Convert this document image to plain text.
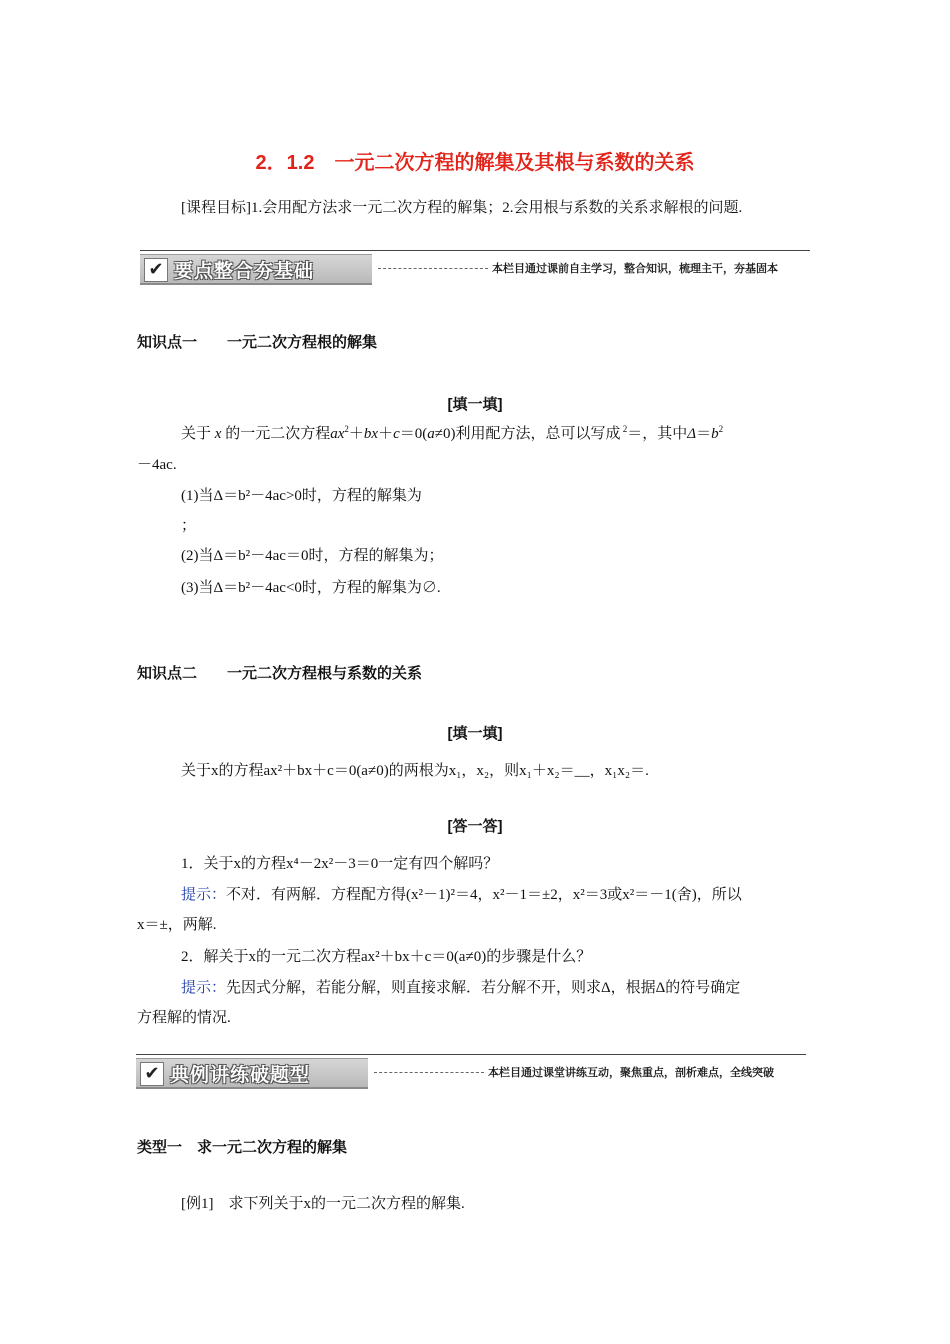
2．1.2　一元二次方程的解集及其根与系数的关系
[课程目标]1.会用配方法求一元二次方程的解集；2.会用根与系数的关系求解根的问题.
✔ 要点整合夯基础	本栏目通过课前自主学习，整合知识，梳理主干，夯基固本
知识点一　　一元二次方程根的解集
[填一填]
关于 x 的一元二次方程$ax^2+bx+c=0(a\ne 0)$利用配方法，总可以写成 $^2$＝，其中$\Delta=b^2$
－4ac.
(1)当Δ＝b²－4ac>0时，方程的解集为
；
(2)当Δ＝b²－4ac＝0时，方程的解集为；
(3)当Δ＝b²－4ac<0时，方程的解集为∅.
知识点二　　一元二次方程根与系数的关系
[填一填]
关于x的方程ax²＋bx＋c＝0(a≠0)的两根为x₁，x₂，则x₁＋x₂＝__，x₁x₂＝.
[答一答]
1．关于x的方程x⁴－2x²－3＝0一定有四个解吗？
提示：不对．有两解．方程配方得(x²－1)²＝4，x²－1＝±2，x²＝3或x²＝－1(舍)，所以
x＝±，两解.
2．解关于x的一元二次方程ax²＋bx＋c＝0(a≠0)的步骤是什么？
提示：先因式分解，若能分解，则直接求解．若分解不开，则求Δ，根据Δ的符号确定
方程解的情况.
✔ 典例讲练破题型	本栏目通过课堂讲练互动，聚焦重点，剖析难点，全线突破
类型一　求一元二次方程的解集
[例1]　 求下列关于x的一元二次方程的解集.
